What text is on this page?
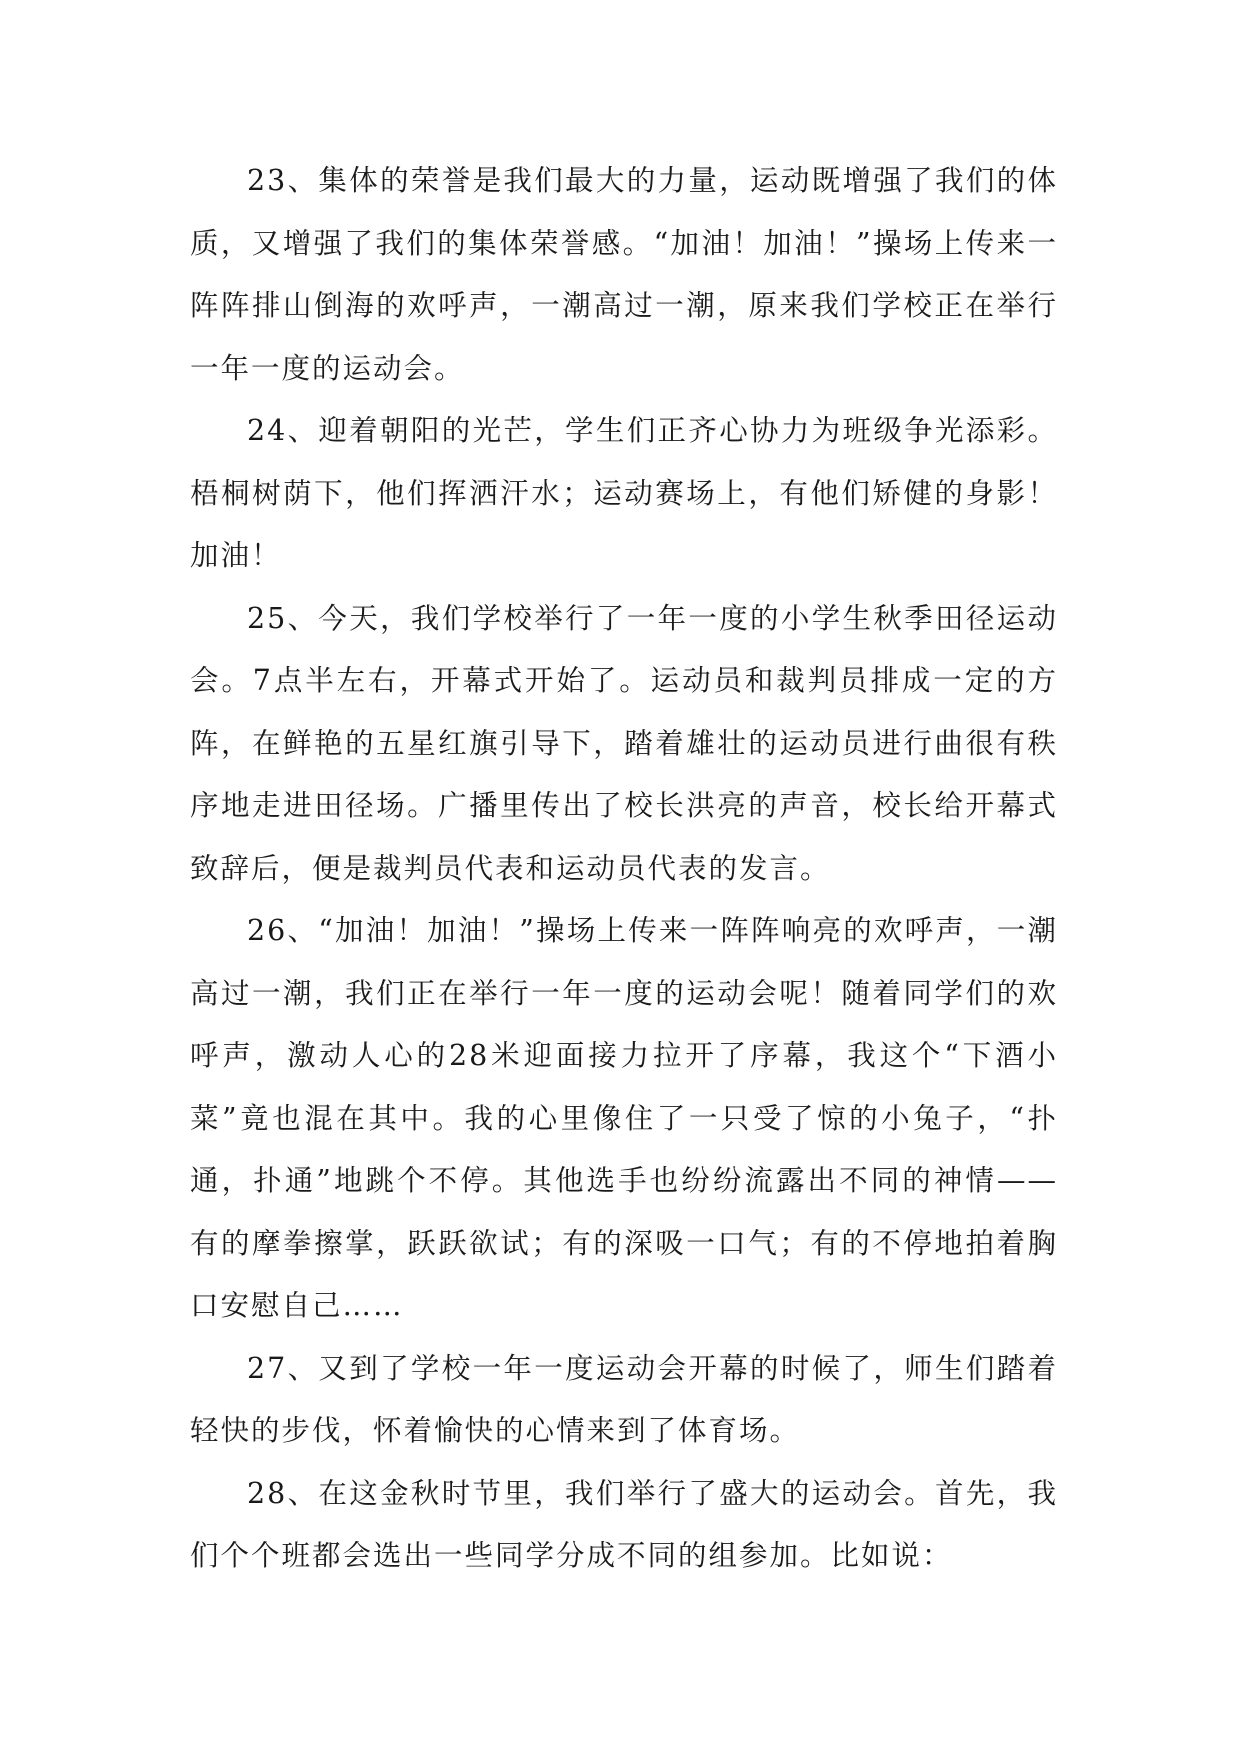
23、集体的荣誉是我们最大的力量，运动既增强了我们的体质，又增强了我们的集体荣誉感。“加油！加油！”操场上传来一阵阵排山倒海的欢呼声，一潮高过一潮，原来我们学校正在举行一年一度的运动会。

24、迎着朝阳的光芒，学生们正齐心协力为班级争光添彩。梧桐树荫下，他们挥洒汗水；运动赛场上，有他们矫健的身影！加油！

25、今天，我们学校举行了一年一度的小学生秋季田径运动会。7点半左右，开幕式开始了。运动员和裁判员排成一定的方阵，在鲜艳的五星红旗引导下，踏着雄壮的运动员进行曲很有秩序地走进田径场。广播里传出了校长洪亮的声音，校长给开幕式致辞后，便是裁判员代表和运动员代表的发言。

26、“加油！加油！”操场上传来一阵阵响亮的欢呼声，一潮高过一潮，我们正在举行一年一度的运动会呢！随着同学们的欢呼声，激动人心的28米迎面接力拉开了序幕，我这个“下酒小菜”竟也混在其中。我的心里像住了一只受了惊的小兔子，“扑通，扑通”地跳个不停。其他选手也纷纷流露出不同的神情——有的摩拳擦掌，跃跃欲试；有的深吸一口气；有的不停地拍着胸口安慰自己……

27、又到了学校一年一度运动会开幕的时候了，师生们踏着轻快的步伐，怀着愉快的心情来到了体育场。

28、在这金秋时节里，我们举行了盛大的运动会。首先，我们个个班都会选出一些同学分成不同的组参加。比如说：
